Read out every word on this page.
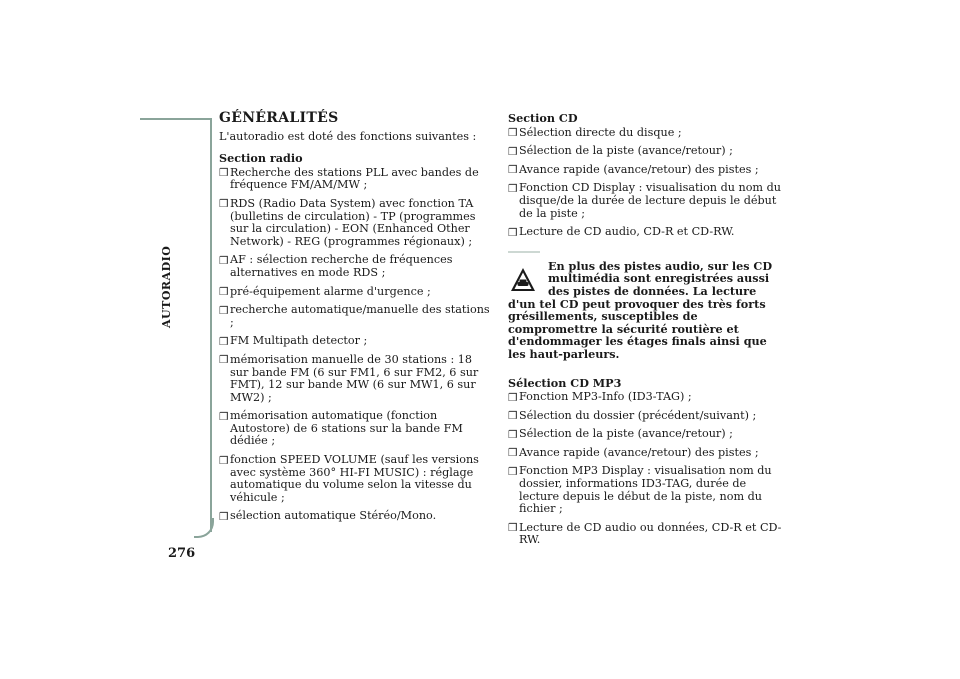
AUTORADIO
276
GÉNÉRALITÉS

L'autoradio est doté des fonctions suivantes :

Section radio

❒ Recherche des stations PLL avec bandes de fréquence FM/AM/MW ;
❒ RDS (Radio Data System) avec fonction TA (bulletins de circulation) - TP (programmes sur la circulation) - EON (Enhanced Other Network) - REG (programmes régionaux) ;
❒ AF : sélection recherche de fréquences alternatives en mode RDS ;
❒ pré-équipement alarme d'urgence ;
❒ recherche automatique/manuelle des stations ;
❒ FM Multipath detector ;
❒ mémorisation manuelle de 30 stations : 18 sur bande FM (6 sur FM1, 6 sur FM2, 6 sur FMT), 12 sur bande MW (6 sur MW1, 6 sur MW2) ;
❒ mémorisation automatique (fonction Autostore) de 6 stations sur la bande FM dédiée ;
❒ fonction SPEED VOLUME (sauf les versions avec système 360° HI-FI MUSIC) : réglage automatique du volume selon la vitesse du véhicule ;
❒ sélection automatique Stéréo/Mono.

Section CD

❒ Sélection directe du disque ;
❒ Sélection de la piste (avance/retour) ;
❒ Avance rapide (avance/retour) des pistes ;
❒ Fonction CD Display : visualisation du nom du disque/de la durée de lecture depuis le début de la piste ;
❒ Lecture de CD audio, CD-R et CD-RW.

En plus des pistes audio, sur les CD multimédia sont enregistrées aussi des pistes de données. La lecture d'un tel CD peut provoquer des très forts grésillements, susceptibles de compromettre la sécurité routière et d'endommager les étages finals ainsi que les haut-parleurs.

Sélection CD MP3

❒ Fonction MP3-Info (ID3-TAG) ;
❒ Sélection du dossier (précédent/suivant) ;
❒ Sélection de la piste (avance/retour) ;
❒ Avance rapide (avance/retour) des pistes ;
❒ Fonction MP3 Display : visualisation nom du dossier, informations ID3-TAG, durée de lecture depuis le début de la piste, nom du fichier ;
❒ Lecture de CD audio ou données, CD-R et CD-RW.
